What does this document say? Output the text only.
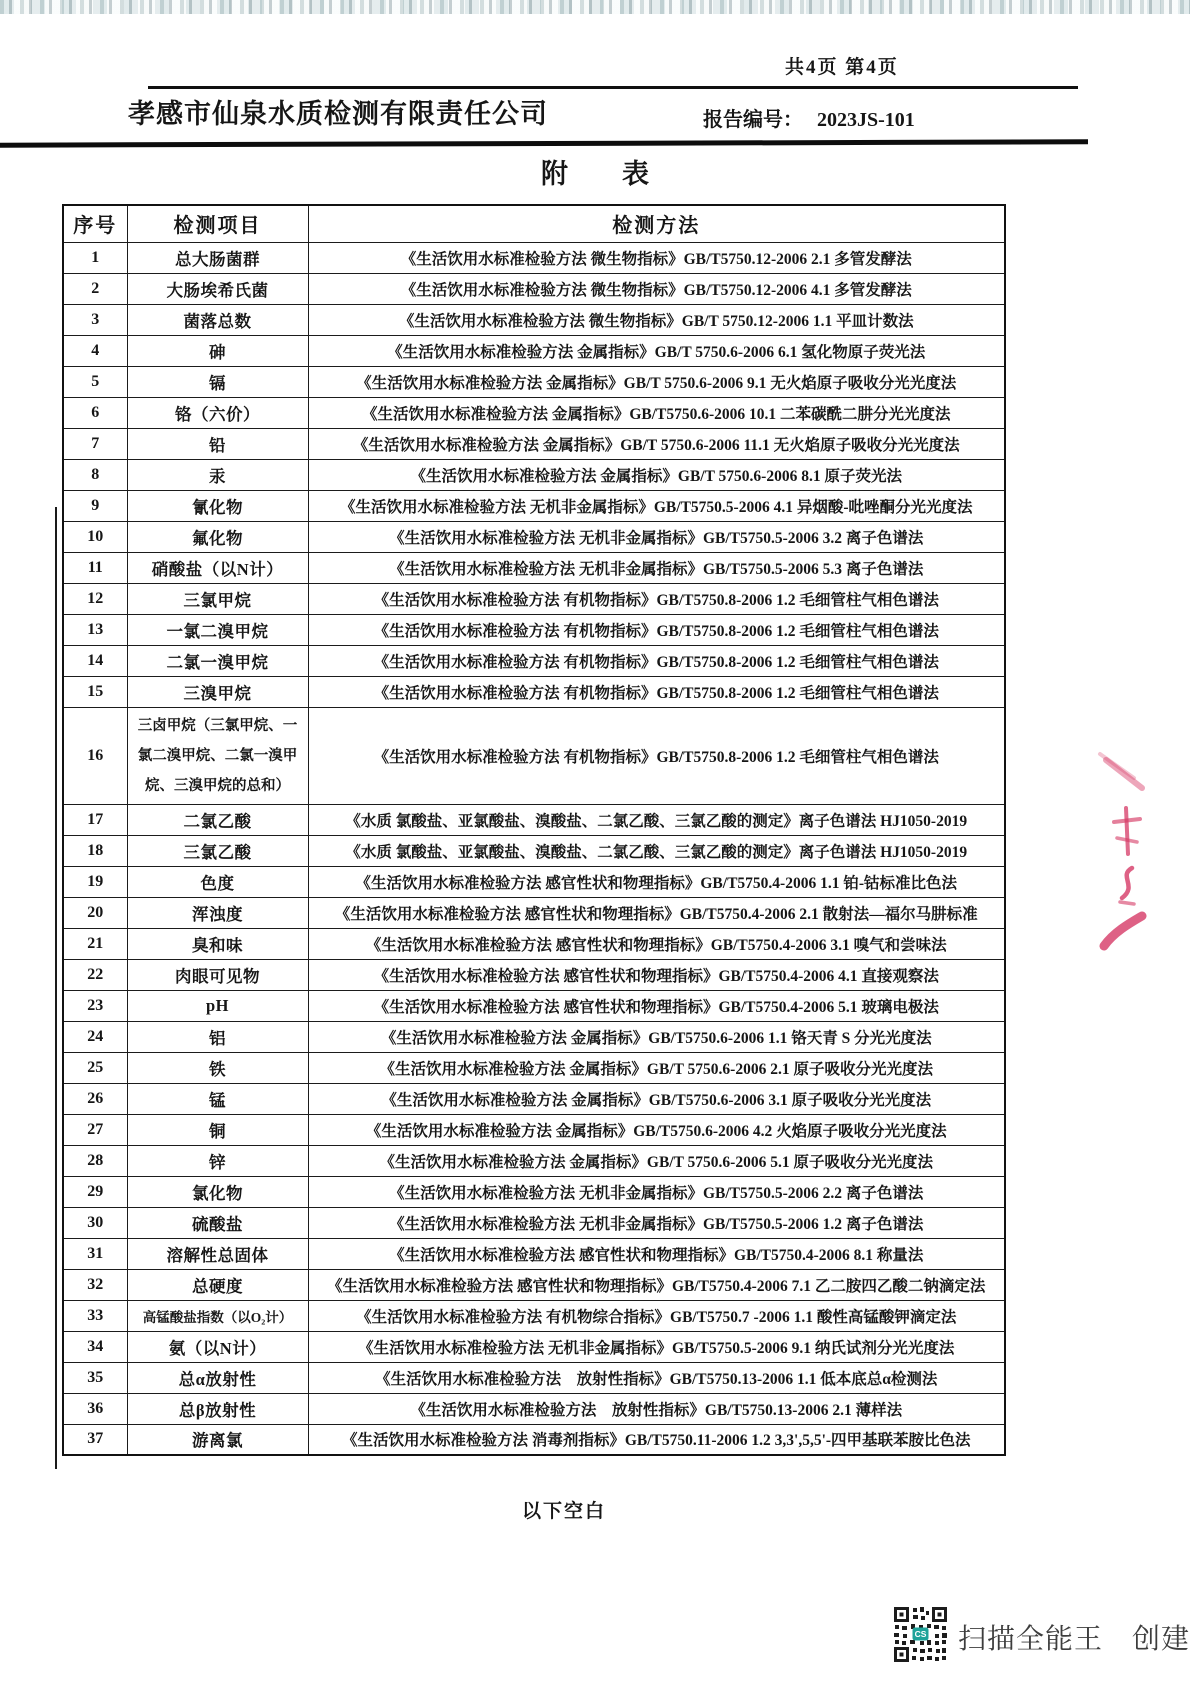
共4页 第4页
孝感市仙泉水质检测有限责任公司	报告编号： 2023JS-101
附　　表
序号	检测项目	检测方法
1	总大肠菌群	《生活饮用水标准检验方法 微生物指标》GB/T5750.12-2006 2.1 多管发酵法
2	大肠埃希氏菌	《生活饮用水标准检验方法 微生物指标》GB/T5750.12-2006 4.1 多管发酵法
3	菌落总数	《生活饮用水标准检验方法 微生物指标》GB/T 5750.12-2006 1.1 平皿计数法
4	砷	《生活饮用水标准检验方法 金属指标》GB/T 5750.6-2006 6.1 氢化物原子荧光法
5	镉	《生活饮用水标准检验方法 金属指标》GB/T 5750.6-2006 9.1 无火焰原子吸收分光光度法
6	铬（六价）	《生活饮用水标准检验方法 金属指标》GB/T5750.6-2006 10.1 二苯碳酰二肼分光光度法
7	铅	《生活饮用水标准检验方法 金属指标》GB/T 5750.6-2006 11.1 无火焰原子吸收分光光度法
8	汞	《生活饮用水标准检验方法 金属指标》GB/T 5750.6-2006 8.1 原子荧光法
9	氰化物	《生活饮用水标准检验方法 无机非金属指标》GB/T5750.5-2006 4.1 异烟酸-吡唑酮分光光度法
10	氟化物	《生活饮用水标准检验方法 无机非金属指标》GB/T5750.5-2006 3.2 离子色谱法
11	硝酸盐（以N计）	《生活饮用水标准检验方法 无机非金属指标》GB/T5750.5-2006 5.3 离子色谱法
12	三氯甲烷	《生活饮用水标准检验方法 有机物指标》GB/T5750.8-2006 1.2 毛细管柱气相色谱法
13	一氯二溴甲烷	《生活饮用水标准检验方法 有机物指标》GB/T5750.8-2006 1.2 毛细管柱气相色谱法
14	二氯一溴甲烷	《生活饮用水标准检验方法 有机物指标》GB/T5750.8-2006 1.2 毛细管柱气相色谱法
15	三溴甲烷	《生活饮用水标准检验方法 有机物指标》GB/T5750.8-2006 1.2 毛细管柱气相色谱法
16	三卤甲烷（三氯甲烷、一氯二溴甲烷、二氯一溴甲烷、三溴甲烷的总和）	《生活饮用水标准检验方法 有机物指标》GB/T5750.8-2006 1.2 毛细管柱气相色谱法
17	二氯乙酸	《水质 氯酸盐、亚氯酸盐、溴酸盐、二氯乙酸、三氯乙酸的测定》离子色谱法 HJ1050-2019
18	三氯乙酸	《水质 氯酸盐、亚氯酸盐、溴酸盐、二氯乙酸、三氯乙酸的测定》离子色谱法 HJ1050-2019
19	色度	《生活饮用水标准检验方法 感官性状和物理指标》GB/T5750.4-2006 1.1 铂-钴标准比色法
20	浑浊度	《生活饮用水标准检验方法 感官性状和物理指标》GB/T5750.4-2006 2.1 散射法—福尔马肼标准
21	臭和味	《生活饮用水标准检验方法 感官性状和物理指标》GB/T5750.4-2006 3.1 嗅气和尝味法
22	肉眼可见物	《生活饮用水标准检验方法 感官性状和物理指标》GB/T5750.4-2006 4.1 直接观察法
23	pH	《生活饮用水标准检验方法 感官性状和物理指标》GB/T5750.4-2006 5.1 玻璃电极法
24	铝	《生活饮用水标准检验方法 金属指标》GB/T5750.6-2006 1.1 铬天青 S 分光光度法
25	铁	《生活饮用水标准检验方法 金属指标》GB/T 5750.6-2006 2.1 原子吸收分光光度法
26	锰	《生活饮用水标准检验方法 金属指标》GB/T5750.6-2006 3.1 原子吸收分光光度法
27	铜	《生活饮用水标准检验方法 金属指标》GB/T5750.6-2006 4.2 火焰原子吸收分光光度法
28	锌	《生活饮用水标准检验方法 金属指标》GB/T 5750.6-2006 5.1 原子吸收分光光度法
29	氯化物	《生活饮用水标准检验方法 无机非金属指标》GB/T5750.5-2006 2.2 离子色谱法
30	硫酸盐	《生活饮用水标准检验方法 无机非金属指标》GB/T5750.5-2006 1.2 离子色谱法
31	溶解性总固体	《生活饮用水标准检验方法 感官性状和物理指标》GB/T5750.4-2006 8.1 称量法
32	总硬度	《生活饮用水标准检验方法 感官性状和物理指标》GB/T5750.4-2006 7.1 乙二胺四乙酸二钠滴定法
33	高锰酸盐指数（以O₂计）	《生活饮用水标准检验方法 有机物综合指标》GB/T5750.7 -2006 1.1 酸性高锰酸钾滴定法
34	氨（以N计）	《生活饮用水标准检验方法 无机非金属指标》GB/T5750.5-2006 9.1 纳氏试剂分光光度法
35	总α放射性	《生活饮用水标准检验方法　放射性指标》GB/T5750.13-2006 1.1 低本底总α检测法
36	总β放射性	《生活饮用水标准检验方法　放射性指标》GB/T5750.13-2006 2.1 薄样法
37	游离氯	《生活饮用水标准检验方法 消毒剂指标》GB/T5750.11-2006 1.2 3,3',5,5'-四甲基联苯胺比色法
以下空白
CS 扫描全能王　创建
